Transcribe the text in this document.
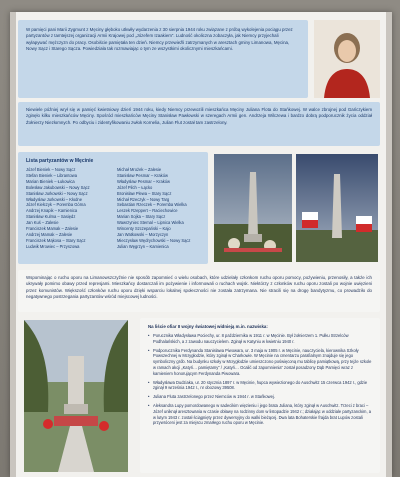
W pamięci pani Marii Zygmunt z Męciny głęboko utkwiły wydarzenia z 30 sierpnia 1944 roku związane z próbą wykolejenia pociągu przez partyzantów z tamtejszej organizacji Armii Krajowej pod „Józefem Izaakiem”. Ludność okoliczna zobaczyła, jak Niemcy przyjechali wyłapywać mężczyzn do pracy. Osobiście pamiętała ten dzień. Niemcy przewieźli zatrzymanych w aresztach gminy Limanowa, Męcina, Nowy Sącz i Starego Sącza. Powiedziała tak rozmawiając o tym ze wszystkimi okolicznymi mieszkańcami.

Niewiele później wrył się w pamięć kwietniowy dzień 1944 roku, kiedy Niemcy przewozili mieszkańca Męciny Juliana Flota do Stańkowej. W walce zbrojnej pod Gańczykiem zginęło kilku mieszkańców Męciny. Spośród mieszkańców Męciny Stanisław Pawłowski w szeregach Armii gen. Andrzeja Wilczewa i bardzo dobrą podporucznik życia oddział Żołnierzy Niezłomnych. Po odbyciu i zidentyfikowaniu zwłok Kornelia, Julian Flut został tam zastrzelony.

Lista partyzantów w Męcinie
Józef Bieniek – Nowy Sącz
Stefan Bieniek – Librantowa
Marian Bieniek – Łukowica
Bolesław Jakubowski – Nowy Sącz
Stanisław Jurkowski – Nowy Sącz
Władysław Jurkowski – Kłodne
Józef Kiełczyk – Poremba Górna
Andrzej Knapik – Kamienica
Stanisław Kulma – Sasiędz
Jan Kuś – Zalesie
Franciszek Mamak – Zalesie
Andrzej Mamak – Zalesie
Franciszek Mąkosa – Stary Sącz
Ludwik Mrowiec – Przyszowa
Michał Mrożek – Zalesie
Stanisław Pesmar – Kraków
Władysław Pesmar – Kraków
Józef Pilch – Łącko
Bronisław Plewa – Stary Sącz
Michał Rzeczyk – Nowy Targ
Sebastian Rzeczek – Poremba Wielka
Leszek Rzeppert – Raciechowice
Marian Sojka – Stary Sącz
Wawrzyniec Stemal – Lipnica Wielka
Wincenty Szczepański – Kajo
Jan Watkowski – Morzyczyn
Mieczysław Wędrychowski – Nowy Sącz
Julian Węgrzyn – Kamienica

Wspominając o ruchu oporu na Limanowszczyźnie nie sposób zapomnieć o wielu osobach, które udzielały członkom ruchu oporu pomocy, pożywieniu, przenosiły, a także ich ukrywały pomimo obawy przed represjami. Mieszkańcy dostarczali im pożywienie i informowali o ruchach wojsk. Niektórzy z członków ruchu oporu zostali po wojnie uwięzieni przez komunistów. Większość członków ruchu oporu dzięki wsparciu lokalnej społeczności nie została zatrzymana. Nie stracili się na drogę bandytyzmu, co prowadziło do negatywnego postrzegania partyzantów wśród miejscowej ludności.

Na liście ofiar II wojny światowej widnieją m.in. nazwiska:
• Porucznika Władysława Pociechy, ur. 8 października w 1911 r. w Męcinie. Był żołnierzem 1. Pułku Strzelców Podhalańskich, a z zawodu nauczycielem. Zginął w Katyniu w kwietniu 1940 r.
• Podporucznika Ferdynanda Stanisława Piwowara, ur. 3 maja w 1905 r. w Męcinie, nauczyciela, kierownika Szkoły Powszechnej w Mcrygłodzie, który zginął w Charkowie. W Męcinie na cmentarzu parafialnym znajduje się jego symboliczny grób. Na budynku szkoły w Mcrygłodzie umieszczono poświęconą mu tablicę pamiątkową, przy tejże szkole w ramach akcji „Katyń… pamiętamy” / „Katyń… Ocalić od zapomnienia” został posadzony Dąb Pamięci wraz z kamieniem honorującym Ferdynanda Piwowara.
• Władysława Dudziaka, ur. 20 stycznia 1897 r. w Męcinie, hupca wywiezionego do Auschwitz 15 czerwca 1942 r., gdzie zginął 9 września 1942 r., nr obozowy 39508.
• Juliana Fluta zastrzelonego przez Niemców w 1944 r. w Stańkowej.
• Aleksandra Lupy pomordowanego w sadecikim więzieniu i jego brata Juliana, który zginął w Auschwitz. Trzeci z braci – Józef uniknął aresztowania w czasie obławy na rodzinny dom w listopadzie 1942 r.; działając w oddziale partyzanckim, a w lutym 1943 r. został ściągnięty przez dywersyjny do walki bieżącej. Dwa lata Bohaterskie frajda brat Lupów zostali przywróceni jest za miejscu zmarłego ruchu oporu w Męcinie.
